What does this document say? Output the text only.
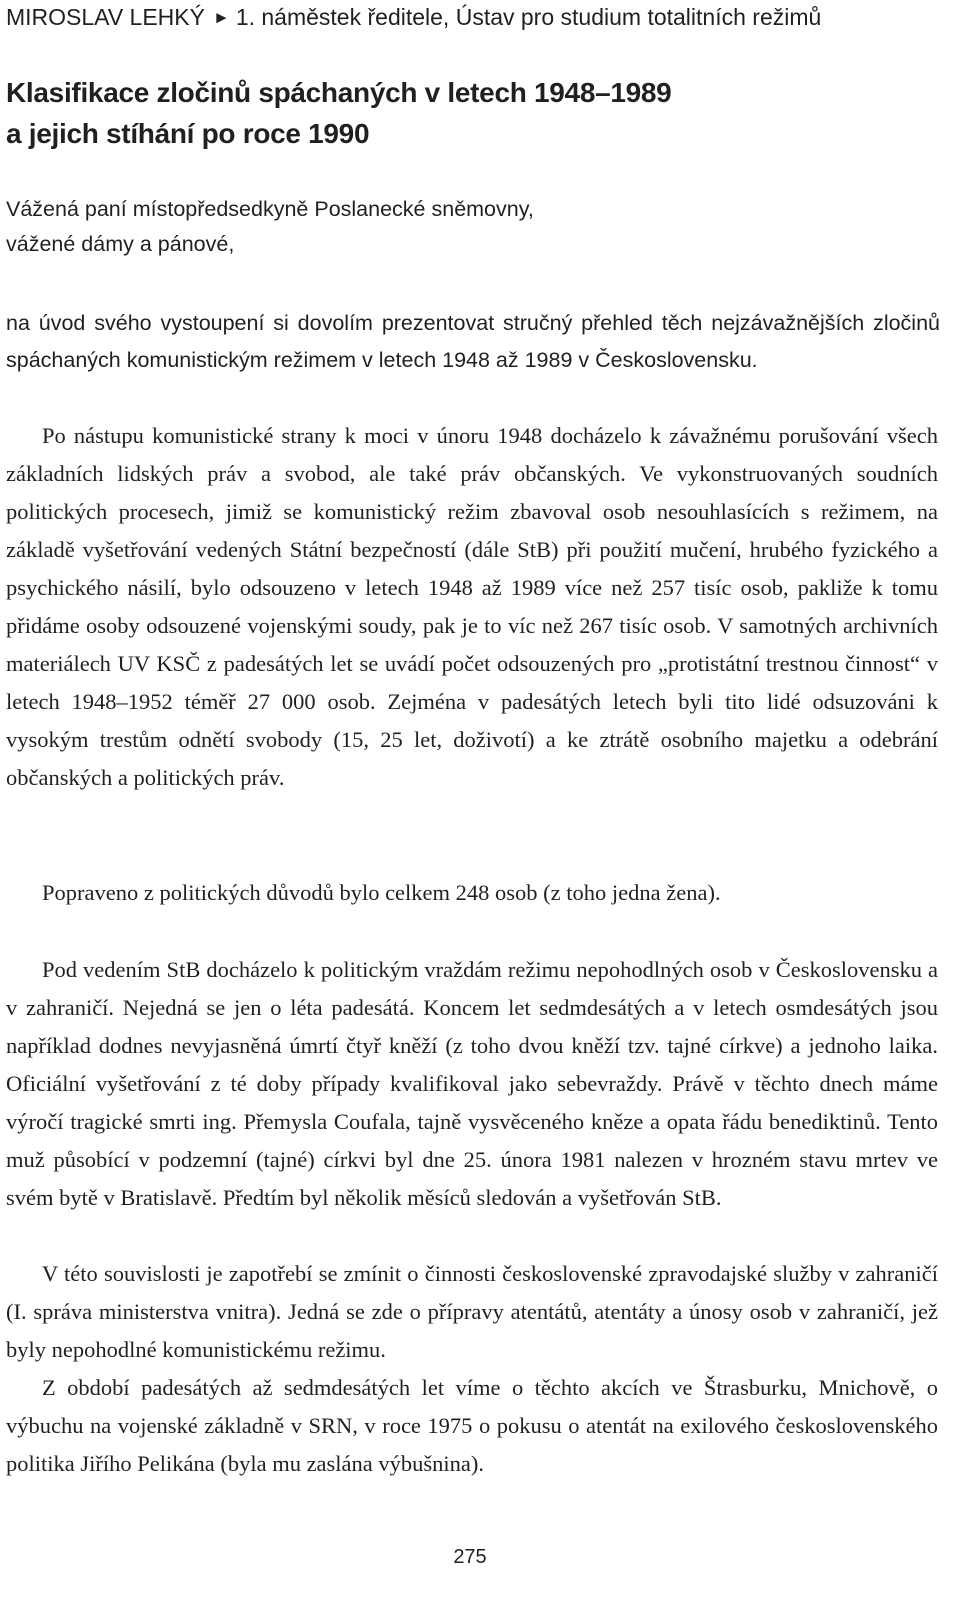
MIROSLAV LEHKÝ ► 1. náměstek ředitele, Ústav pro studium totalitních režimů
Klasifikace zločinů spáchaných v letech 1948–1989
a jejich stíhání po roce 1990
Vážená paní místopředsedkyně Poslanecké sněmovny,
vážené dámy a pánové,
na úvod svého vystoupení si dovolím prezentovat stručný přehled těch nejzávažnějších zločinů spáchaných komunistickým režimem v letech 1948 až 1989 v Československu.

Po nástupu komunistické strany k moci v únoru 1948 docházelo k závažnému porušování všech základních lidských práv a svobod, ale také práv občanských. Ve vykonstruovaných soudních politických procesech, jimiž se komunistický režim zbavoval osob nesouhlasících s režimem, na základě vyšetřování vedených Státní bezpečností (dále StB) při použití mučení, hrubého fyzického a psychického násilí, bylo odsouzeno v letech 1948 až 1989 více než 257 tisíc osob, pakliže k tomu přidáme osoby odsouzené vojenskými soudy, pak je to víc než 267 tisíc osob. V samotných archivních materiálech UV KSČ z padesátých let se uvádí počet odsouzených pro „protistátní trestnou činnost“ v letech 1948–1952 téměř 27 000 osob. Zejména v padesátých letech byli tito lidé odsuzováni k vysokým trestům odnětí svobody (15, 25 let, doživotí) a ke ztrátě osobního majetku a odebrání občanských a politických práv.

Popraveno z politických důvodů bylo celkem 248 osob (z toho jedna žena).

Pod vedením StB docházelo k politickým vraždám režimu nepohodlných osob v Československu a v zahraničí. Nejedná se jen o léta padesátá. Koncem let sedmdesátých a v letech osmdesátých jsou například dodnes nevyjasněná úmrtí čtyř kněží (z toho dvou kněží tzv. tajné církve) a jednoho laika. Oficiální vyšetřování z té doby případy kvalifikoval jako sebevraždy. Právě v těchto dnech máme výročí tragické smrti ing. Přemysla Coufala, tajně vysvěceného kněze a opata řádu benediktinů. Tento muž působící v podzemní (tajné) církvi byl dne 25. února 1981 nalezen v hrozném stavu mrtev ve svém bytě v Bratislavě. Předtím byl několik měsíců sledován a vyšetřován StB.

V této souvislosti je zapotřebí se zmínit o činnosti československé zpravodajské služby v zahraničí (I. správa ministerstva vnitra). Jedná se zde o přípravy atentátů, atentáty a únosy osob v zahraničí, jež byly nepohodlné komunistickému režimu.

Z období padesátých až sedmdesátých let víme o těchto akcích ve Štrasburku, Mnichově, o výbuchu na vojenské základně v SRN, v roce 1975 o pokusu o atentát na exilového československého politika Jiřího Pelikána (byla mu zaslána výbušnina).

275
